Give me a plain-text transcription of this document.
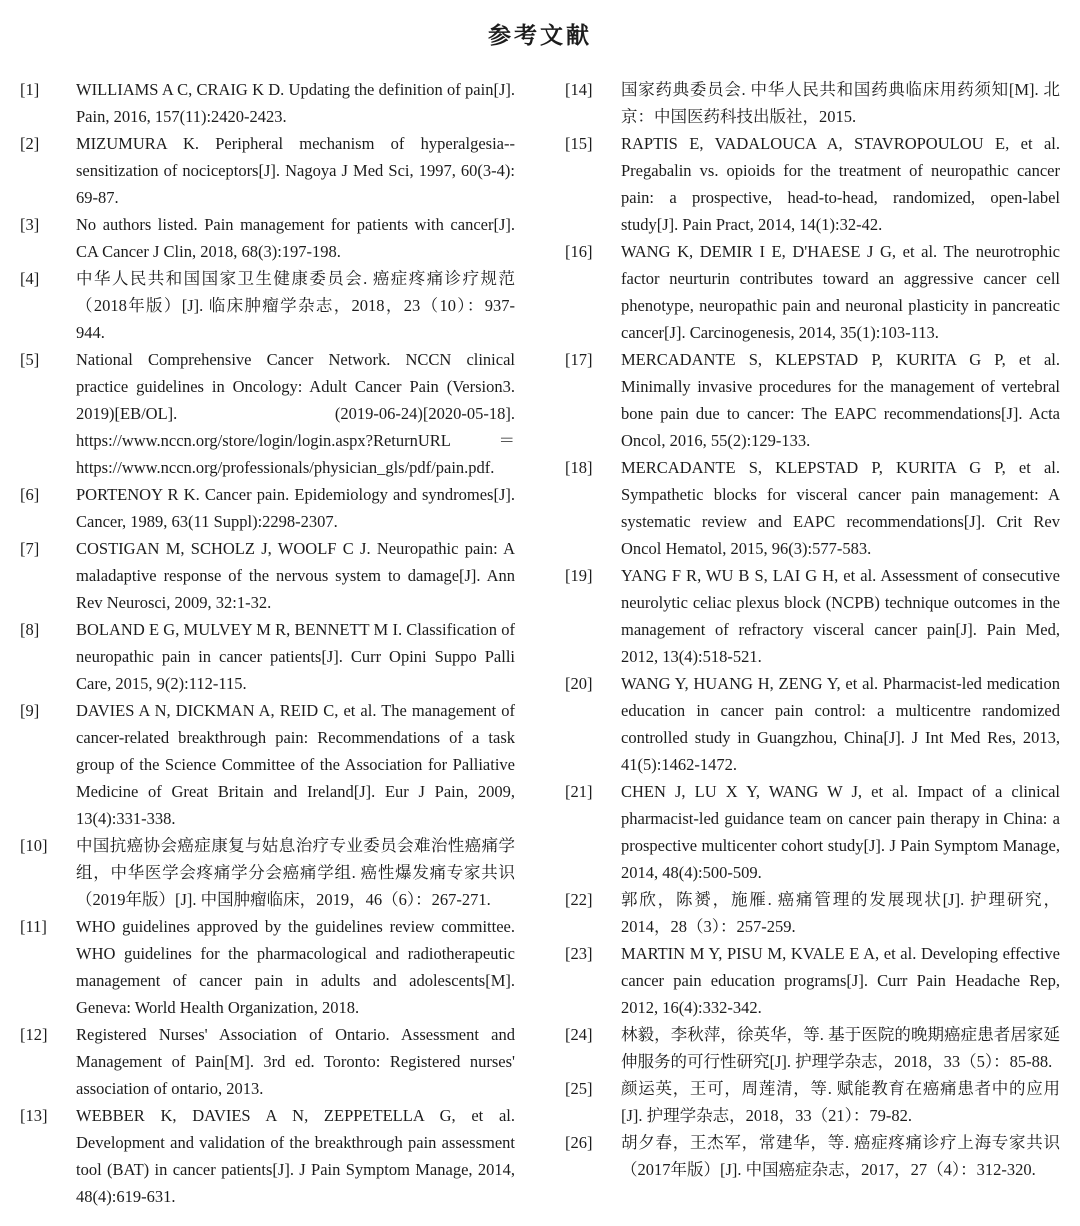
参考文献
[1]	WILLIAMS A C, CRAIG K D. Updating the definition of pain[J]. Pain, 2016, 157(11):2420-2423.
[2]	MIZUMURA K. Peripheral mechanism of hyperalgesia--sensitization of nociceptors[J]. Nagoya J Med Sci, 1997, 60(3-4): 69-87.
[3]	No authors listed. Pain management for patients with cancer[J]. CA Cancer J Clin, 2018, 68(3):197-198.
[4]	中华人民共和国国家卫生健康委员会. 癌症疼痛诊疗规范（2018年版）[J]. 临床肿瘤学杂志，2018，23（10）：937-944.
[5]	National Comprehensive Cancer Network. NCCN clinical practice guidelines in Oncology: Adult Cancer Pain (Version3. 2019)[EB/OL]. (2019-06-24)[2020-05-18]. https://www.nccn.org/store/login/login.aspx?ReturnURL ＝ https://www.nccn.org/professionals/physician_gls/pdf/pain.pdf.
[6]	PORTENOY R K. Cancer pain. Epidemiology and syndromes[J]. Cancer, 1989, 63(11 Suppl):2298-2307.
[7]	COSTIGAN M, SCHOLZ J, WOOLF C J. Neuropathic pain: A maladaptive response of the nervous system to damage[J]. Ann Rev Neurosci, 2009, 32:1-32.
[8]	BOLAND E G, MULVEY M R, BENNETT M I. Classification of neuropathic pain in cancer patients[J]. Curr Opini Suppo Palli Care, 2015, 9(2):112-115.
[9]	DAVIES A N, DICKMAN A, REID C, et al. The management of cancer-related breakthrough pain: Recommendations of a task group of the Science Committee of the Association for Palliative Medicine of Great Britain and Ireland[J]. Eur J Pain, 2009, 13(4):331-338.
[10]	中国抗癌协会癌症康复与姑息治疗专业委员会难治性癌痛学组，中华医学会疼痛学分会癌痛学组. 癌性爆发痛专家共识（2019年版）[J]. 中国肿瘤临床，2019，46（6）：267-271.
[11]	WHO guidelines approved by the guidelines review committee. WHO guidelines for the pharmacological and radiotherapeutic management of cancer pain in adults and adolescents[M]. Geneva: World Health Organization, 2018.
[12]	Registered Nurses' Association of Ontario. Assessment and Management of Pain[M]. 3rd ed. Toronto: Registered nurses' association of ontario, 2013.
[13]	WEBBER K, DAVIES A N, ZEPPETELLA G, et al. Development and validation of the breakthrough pain assessment tool (BAT) in cancer patients[J]. J Pain Symptom Manage, 2014, 48(4):619-631.
[14]	国家药典委员会. 中华人民共和国药典临床用药须知[M]. 北京：中国医药科技出版社，2015.
[15]	RAPTIS E, VADALOUCA A, STAVROPOULOU E, et al. Pregabalin vs. opioids for the treatment of neuropathic cancer pain: a prospective, head-to-head, randomized, open-label study[J]. Pain Pract, 2014, 14(1):32-42.
[16]	WANG K, DEMIR I E, D'HAESE J G, et al. The neurotrophic factor neurturin contributes toward an aggressive cancer cell phenotype, neuropathic pain and neuronal plasticity in pancreatic cancer[J]. Carcinogenesis, 2014, 35(1):103-113.
[17]	MERCADANTE S, KLEPSTAD P, KURITA G P, et al. Minimally invasive procedures for the management of vertebral bone pain due to cancer: The EAPC recommendations[J]. Acta Oncol, 2016, 55(2):129-133.
[18]	MERCADANTE S, KLEPSTAD P, KURITA G P, et al. Sympathetic blocks for visceral cancer pain management: A systematic review and EAPC recommendations[J]. Crit Rev Oncol Hematol, 2015, 96(3):577-583.
[19]	YANG F R, WU B S, LAI G H, et al. Assessment of consecutive neurolytic celiac plexus block (NCPB) technique outcomes in the management of refractory visceral cancer pain[J]. Pain Med, 2012, 13(4):518-521.
[20]	WANG Y, HUANG H, ZENG Y, et al. Pharmacist-led medication education in cancer pain control: a multicentre randomized controlled study in Guangzhou, China[J]. J Int Med Res, 2013, 41(5):1462-1472.
[21]	CHEN J, LU X Y, WANG W J, et al. Impact of a clinical pharmacist-led guidance team on cancer pain therapy in China: a prospective multicenter cohort study[J]. J Pain Symptom Manage, 2014, 48(4):500-509.
[22]	郭欣，陈赟，施雁. 癌痛管理的发展现状[J]. 护理研究，2014，28（3）：257-259.
[23]	MARTIN M Y, PISU M, KVALE E A, et al. Developing effective cancer pain education programs[J]. Curr Pain Headache Rep, 2012, 16(4):332-342.
[24]	林毅，李秋萍，徐英华，等. 基于医院的晚期癌症患者居家延伸服务的可行性研究[J]. 护理学杂志，2018，33（5）：85-88.
[25]	颜运英，王可，周莲清，等. 赋能教育在癌痛患者中的应用[J]. 护理学杂志，2018，33（21）：79-82.
[26]	胡夕春，王杰军，常建华，等. 癌症疼痛诊疗上海专家共识（2017年版）[J]. 中国癌症杂志，2017，27（4）：312-320.
